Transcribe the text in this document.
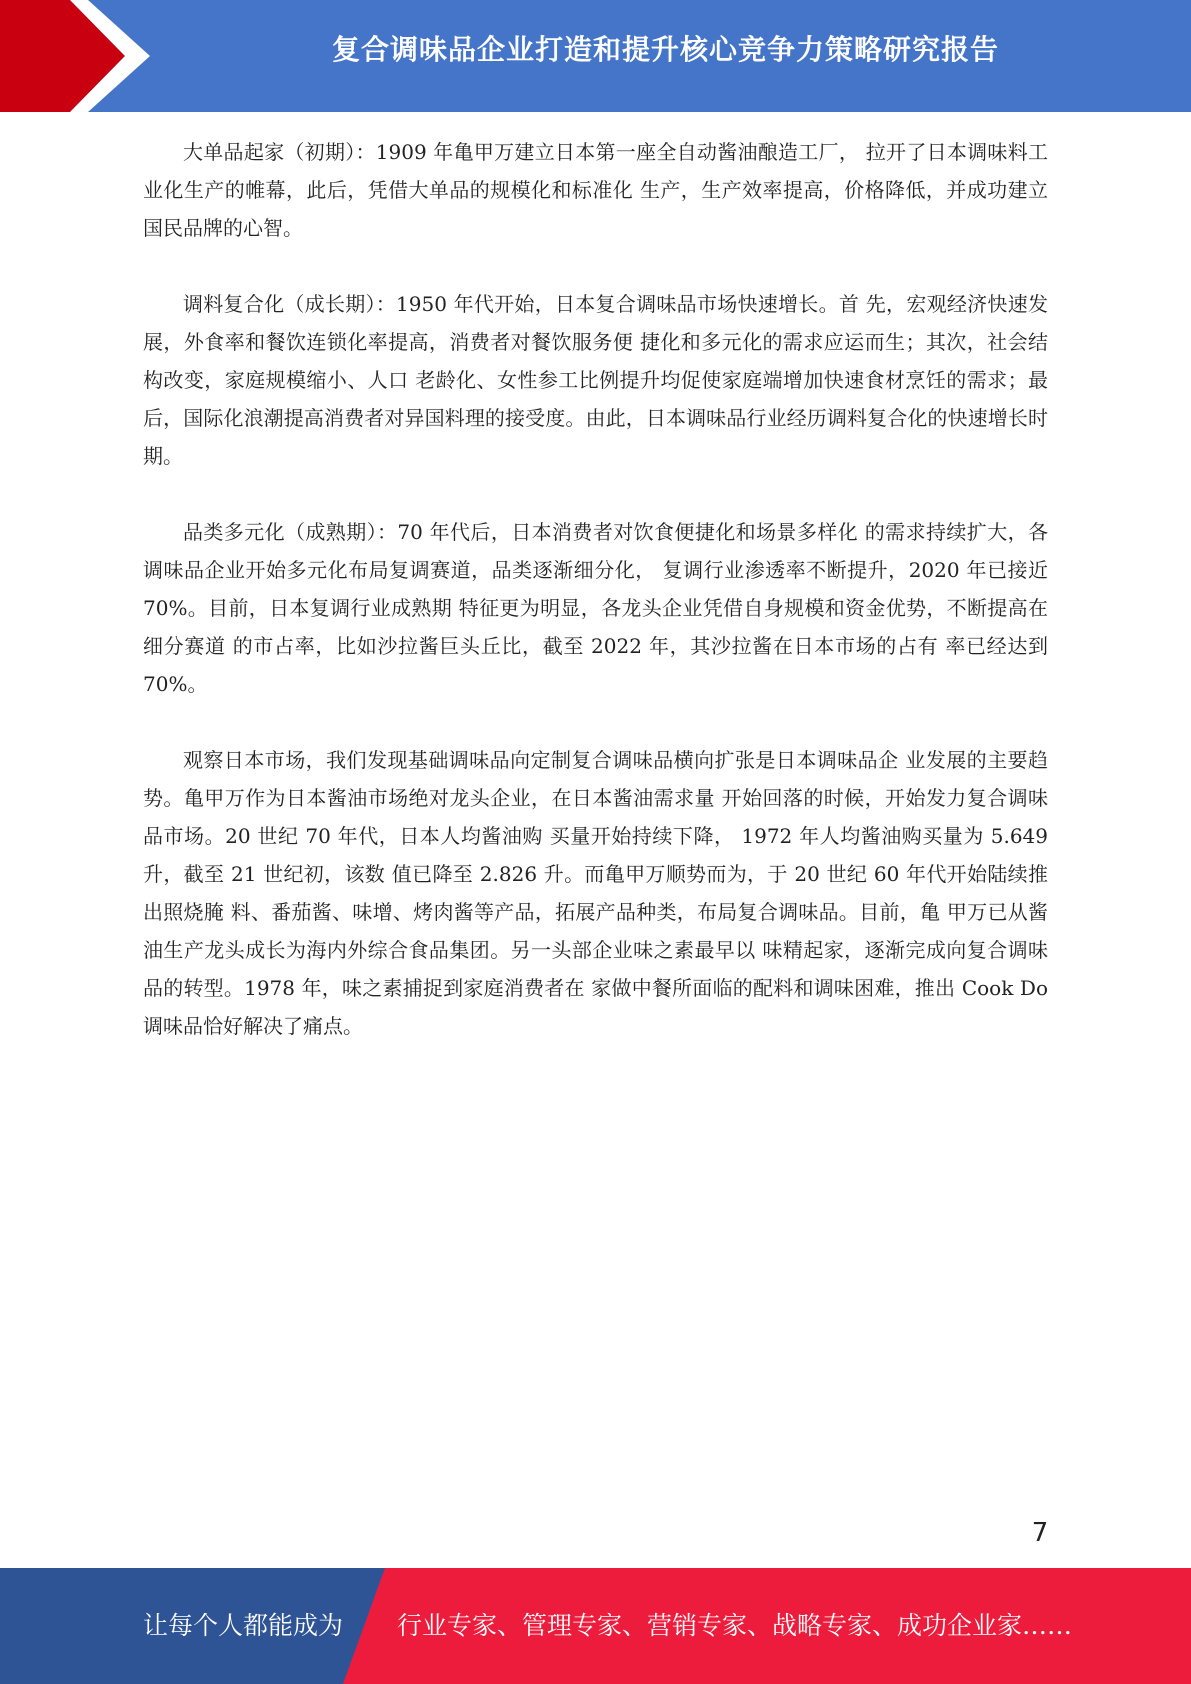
复合调味品企业打造和提升核心竞争力策略研究报告

大单品起家（初期）：1909 年亀甲万建立日本第一座全自动酱油酿造工厂， 拉开了日本调味料工业化生产的帷幕，此后，凭借大单品的规模化和标准化 生产，生产效率提高，价格降低，并成功建立国民品牌的心智。

调料复合化（成长期）：1950 年代开始，日本复合调味品市场快速增长。首 先，宏观经济快速发展，外食率和餐饮连锁化率提高，消费者对餐饮服务便 捷化和多元化的需求应运而生；其次，社会结构改变，家庭规模缩小、人口 老龄化、女性参工比例提升均促使家庭端增加快速食材烹饪的需求；最后，国际化浪潮提高消费者对异国料理的接受度。由此，日本调味品行业经历调料复合化的快速增长时期。

品类多元化（成熟期）：70 年代后，日本消费者对饮食便捷化和场景多样化 的需求持续扩大，各调味品企业开始多元化布局复调赛道，品类逐渐细分化， 复调行业渗透率不断提升，2020 年已接近 70%。目前，日本复调行业成熟期 特征更为明显，各龙头企业凭借自身规模和资金优势，不断提高在细分赛道 的市占率，比如沙拉酱巨头丘比，截至 2022 年，其沙拉酱在日本市场的占有 率已经达到 70%。

观察日本市场，我们发现基础调味品向定制复合调味品横向扩张是日本调味品企 业发展的主要趋势。亀甲万作为日本酱油市场绝对龙头企业，在日本酱油需求量 开始回落的时候，开始发力复合调味品市场。20 世纪 70 年代，日本人均酱油购 买量开始持续下降， 1972 年人均酱油购买量为 5.649 升，截至 21 世纪初，该数 值已降至 2.826 升。而亀甲万顺势而为，于 20 世纪 60 年代开始陆续推出照烧腌 料、番茄酱、味增、烤肉酱等产品，拓展产品种类，布局复合调味品。目前，亀 甲万已从酱油生产龙头成长为海内外综合食品集团。另一头部企业味之素最早以 味精起家，逐渐完成向复合调味品的转型。1978 年，味之素捕捉到家庭消费者在 家做中餐所面临的配料和调味困难，推出 Cook Do 调味品恰好解决了痛点。

7
让每个人都能成为 行业专家、管理专家、营销专家、战略专家、成功企业家……
